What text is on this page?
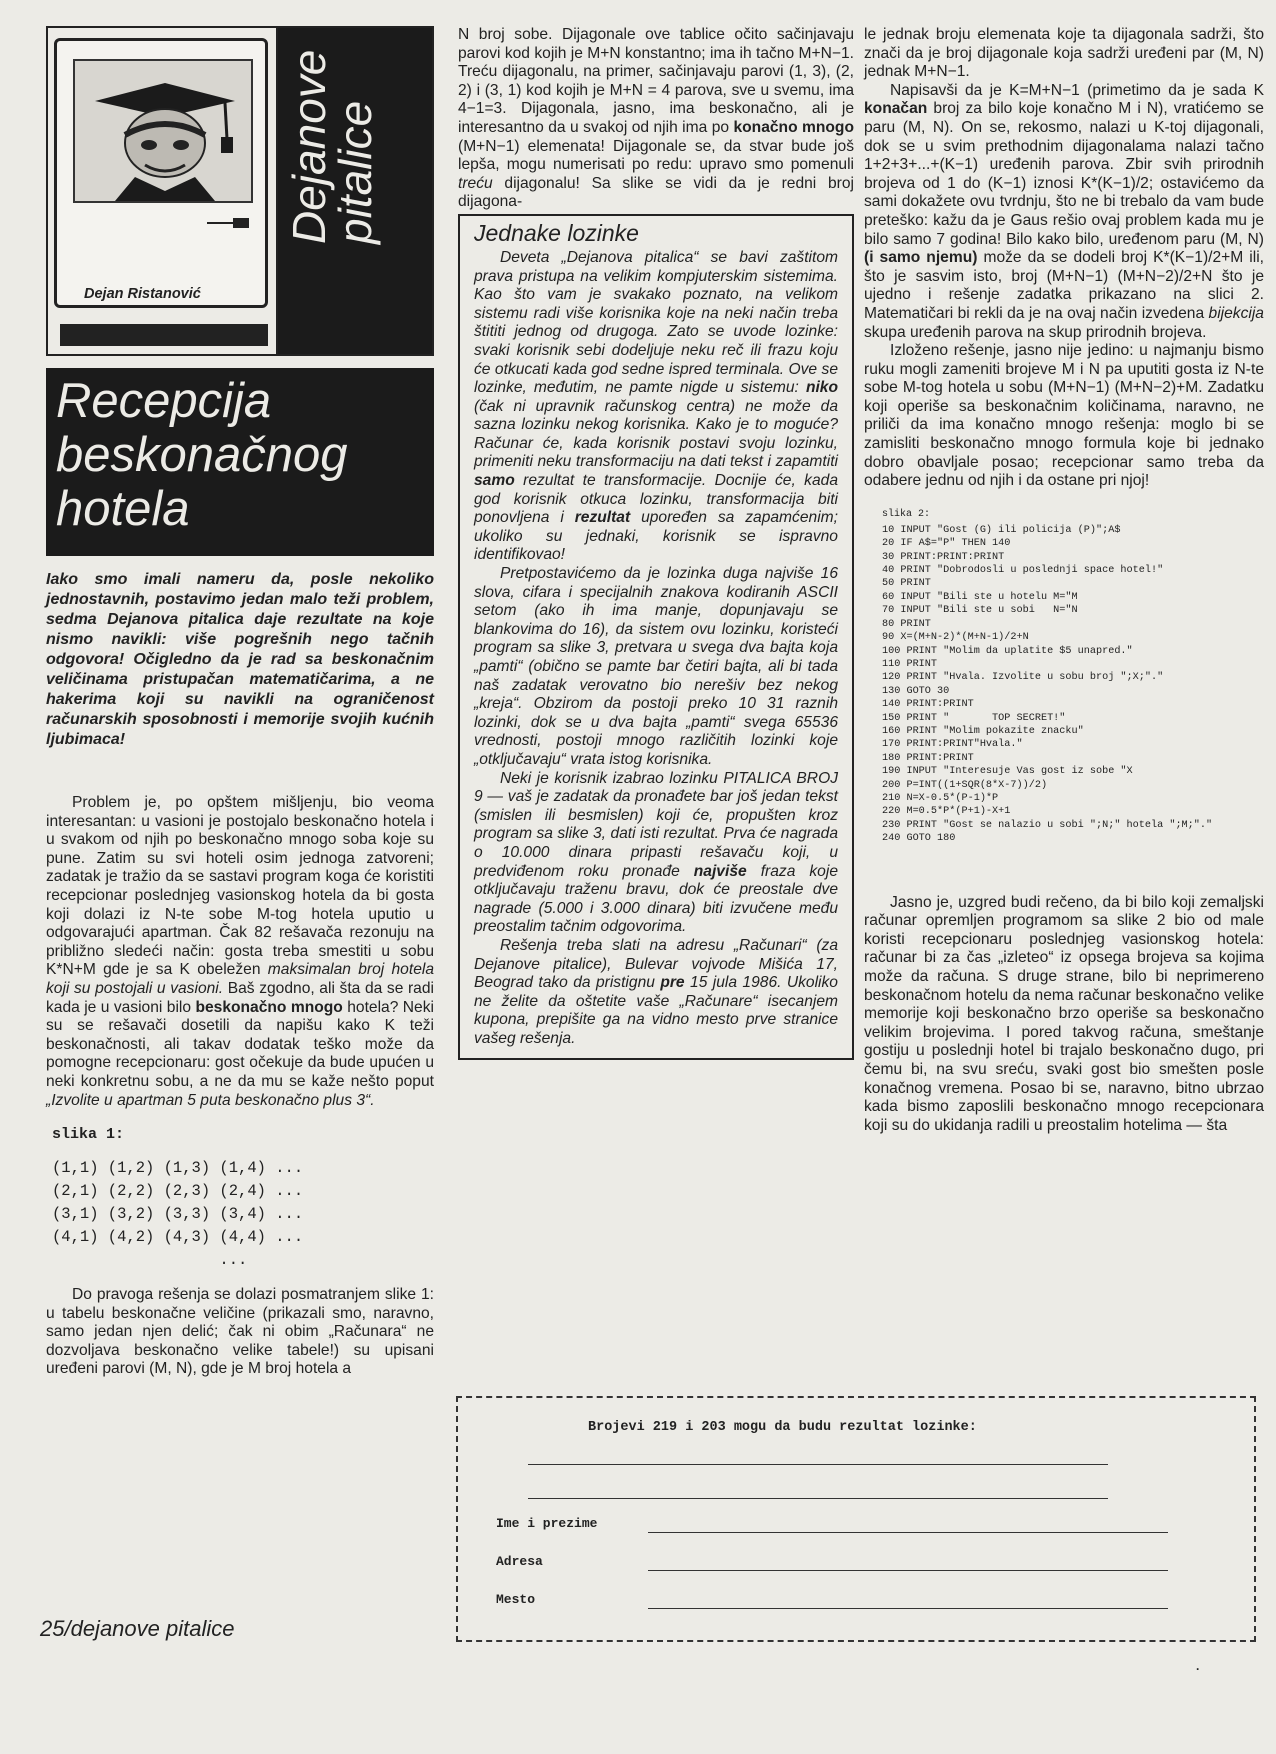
Dejan Ristanović
Dejanove
pitalice
Recepcija
beskonačnog
hotela

Iako smo imali nameru da, posle nekoliko jednostavnih, postavimo jedan malo teži problem, sedma Dejanova pitalica daje rezultate na koje nismo navikli: više pogrešnih nego tačnih odgovora! Očigledno da je rad sa beskonačnim veličinama pristupačan matematičarima, a ne hakerima koji su navikli na ograničenost računarskih sposobnosti i memorije svojih kućnih ljubimaca!

Problem je, po opštem mišljenju, bio veoma interesantan: u vasioni je postojalo beskonačno hotela i u svakom od njih po beskonačno mnogo soba koje su pune. Zatim su svi hoteli osim jednoga zatvoreni; zadatak je tražio da se sastavi program koga će koristiti recepcionar poslednjeg vasionskog hotela da bi gosta koji dolazi iz N-te sobe M-tog hotela uputio u odgovarajući apartman. Čak 82 rešavača rezonuju na približno sledeći način: gosta treba smestiti u sobu K*N+M gde je sa K obeležen maksimalan broj hotela koji su postojali u vasioni. Baš zgodno, ali šta da se radi kada je u vasioni bilo beskonačno mnogo hotela? Neki su se rešavači dosetili da napišu kako K teži beskonačnosti, ali takav dodatak teško može da pomogne recepcionaru: gost očekuje da bude upućen u neki konkretnu sobu, a ne da mu se kaže nešto poput „Izvolite u apartman 5 puta beskonačno plus 3“.

slika 1:
(1,1) (1,2) (1,3) (1,4) ...
(2,1) (2,2) (2,3) (2,4) ...
(3,1) (3,2) (3,3) (3,4) ...
(4,1) (4,2) (4,3) (4,4) ...
...

Do pravoga rešenja se dolazi posmatranjem slike 1: u tabelu beskonačne veličine (prikazali smo, naravno, samo jedan njen delić; čak ni obim „Računara“ ne dozvoljava beskonačno velike tabele!) su upisani uređeni parovi (M, N), gde je M broj hotela a

25/dejanove pitalice

N broj sobe. Dijagonale ove tablice očito sačinjavaju parovi kod kojih je M+N konstantno; ima ih tačno M+N−1. Treću dijagonalu, na primer, sačinjavaju parovi (1, 3), (2, 2) i (3, 1) kod kojih je M+N = 4 parova, sve u svemu, ima 4−1=3. Dijagonala, jasno, ima beskonačno, ali je interesantno da u svakoj od njih ima po konačno mnogo (M+N−1) elemenata! Dijagonale se, da stvar bude još lepša, mogu numerisati po redu: upravo smo pomenuli treću dijagonalu! Sa slike se vidi da je redni broj dijagona-

Jednake lozinke

Deveta „Dejanova pitalica“ se bavi zaštitom prava pristupa na velikim kompjuterskim sistemima. Kao što vam je svakako poznato, na velikom sistemu radi više korisnika koje na neki način treba štititi jednog od drugoga. Zato se uvode lozinke: svaki korisnik sebi dodeljuje neku reč ili frazu koju će otkucati kada god sedne ispred terminala. Ove se lozinke, međutim, ne pamte nigde u sistemu: niko (čak ni upravnik računskog centra) ne može da sazna lozinku nekog korisnika. Kako je to moguće? Računar će, kada korisnik postavi svoju lozinku, primeniti neku transformaciju na dati tekst i zapamtiti samo rezultat te transformacije. Docnije će, kada god korisnik otkuca lozinku, transformacija biti ponovljena i rezultat upoređen sa zapamćenim; ukoliko su jednaki, korisnik se ispravno identifikovao!

Pretpostavićemo da je lozinka duga najviše 16 slova, cifara i specijalnih znakova kodiranih ASCII setom (ako ih ima manje, dopunjavaju se blankovima do 16), da sistem ovu lozinku, koristeći program sa slike 3, pretvara u svega dva bajta koja „pamti“ (obično se pamte bar četiri bajta, ali bi tada naš zadatak verovatno bio nerešiv bez nekog „kreja“. Obzirom da postoji preko 10 31 raznih lozinki, dok se u dva bajta „pamti“ svega 65536 vrednosti, postoji mnogo različitih lozinki koje „otključavaju“ vrata istog korisnika.

Neki je korisnik izabrao lozinku PITALICA BROJ 9 — vaš je zadatak da pronađete bar još jedan tekst (smislen ili besmislen) koji će, propušten kroz program sa slike 3, dati isti rezultat. Prva će nagrada o 10.000 dinara pripasti rešavaču koji, u predviđenom roku pronađe najviše fraza koje otključavaju traženu bravu, dok će preostale dve nagrade (5.000 i 3.000 dinara) biti izvučene među preostalim tačnim odgovorima.

Rešenja treba slati na adresu „Računari“ (za Dejanove pitalice), Bulevar vojvode Mišića 17, Beograd tako da pristignu pre 15 jula 1986. Ukoliko ne želite da oštetite vaše „Računare“ isecanjem kupona, prepišite ga na vidno mesto prve stranice vašeg rešenja.

le jednak broju elemenata koje ta dijagonala sadrži, što znači da je broj dijagonale koja sadrži uređeni par (M, N) jednak M+N−1.

Napisavši da je K=M+N−1 (primetimo da je sada K konačan broj za bilo koje konačno M i N), vratićemo se paru (M, N). On se, rekosmo, nalazi u K-toj dijagonali, dok se u svim prethodnim dijagonalama nalazi tačno 1+2+3+...+(K−1) uređenih parova. Zbir svih prirodnih brojeva od 1 do (K−1) iznosi K*(K−1)/2; ostavićemo da sami dokažete ovu tvrdnju, što ne bi trebalo da vam bude preteško: kažu da je Gaus rešio ovaj problem kada mu je bilo samo 7 godina! Bilo kako bilo, uređenom paru (M, N) (i samo njemu) može da se dodeli broj K*(K−1)/2+M ili, što je sasvim isto, broj (M+N−1) (M+N−2)/2+N što je ujedno i rešenje zadatka prikazano na slici 2. Matematičari bi rekli da je na ovaj način izvedena bijekcija skupa uređenih parova na skup prirodnih brojeva.

Izloženo rešenje, jasno nije jedino: u najmanju bismo ruku mogli zameniti brojeve M i N pa uputiti gosta iz N-te sobe M-tog hotela u sobu (M+N−1) (M+N−2)+M. Zadatku koji operiše sa beskonačnim količinama, naravno, ne priliči da ima konačno mnogo rešenja: moglo bi se zamisliti beskonačno mnogo formula koje bi jednako dobro obavljale posao; recepcionar samo treba da odabere jednu od njih i da ostane pri njoj!

slika 2:
10 INPUT "Gost (G) ili policija (P)";A$
20 IF A$="P" THEN 140
30 PRINT:PRINT:PRINT
40 PRINT "Dobrodosli u poslednji space hotel!"
50 PRINT
60 INPUT "Bili ste u hotelu M="M
70 INPUT "Bili ste u sobi   N="N
80 PRINT
90 X=(M+N-2)*(M+N-1)/2+N
100 PRINT "Molim da uplatite $5 unapred."
110 PRINT
120 PRINT "Hvala. Izvolite u sobu broj ";X;"."
130 GOTO 30
140 PRINT:PRINT
150 PRINT "       TOP SECRET!"
160 PRINT "Molim pokazite znacku"
170 PRINT:PRINT"Hvala."
180 PRINT:PRINT
190 INPUT "Interesuje Vas gost iz sobe "X
200 P=INT((1+SQR(8*X-7))/2)
210 N=X-0.5*(P-1)*P
220 M=0.5*P*(P+1)-X+1
230 PRINT "Gost se nalazio u sobi ";N;" hotela ";M;"."
240 GOTO 180

Jasno je, uzgred budi rečeno, da bi bilo koji zemaljski računar opremljen programom sa slike 2 bio od male koristi recepcionaru poslednjeg vasionskog hotela: računar bi za čas „izleteo“ iz opsega brojeva sa kojima može da računa. S druge strane, bilo bi neprimereno beskonačnom hotelu da nema računar beskonačno velike memorije koji beskonačno brzo operiše sa beskonačno velikim brojevima. I pored takvog računa, smeštanje gostiju u poslednji hotel bi trajalo beskonačno dugo, pri čemu bi, na svu sreću, svaki gost bio smešten posle konačnog vremena. Posao bi se, naravno, bitno ubrzao kada bismo zaposlili beskonačno mnogo recepcionara koji su do ukidanja radili u preostalim hotelima — šta

Brojevi 219 i 203 mogu da budu rezultat lozinke:
Ime i prezime
Adresa
Mesto
·
